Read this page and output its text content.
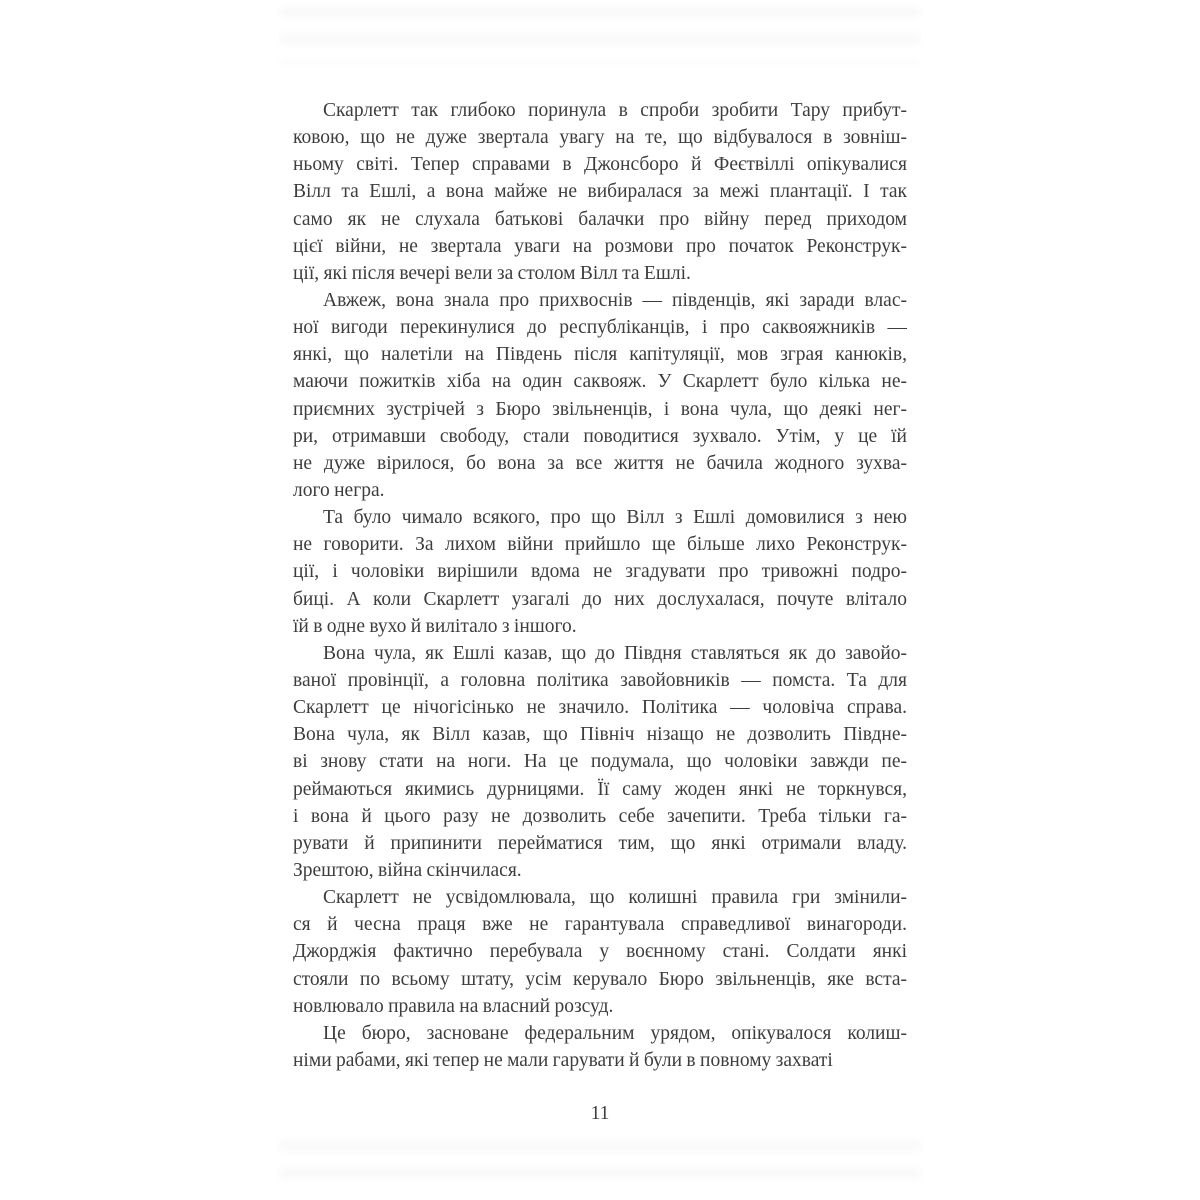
Скарлетт так глибоко поринула в спроби зробити Тару прибут-
ковою, що не дуже звертала увагу на те, що відбувалося в зовніш-
ньому світі. Тепер справами в Джонсборо й Феєтвіллі опікувалися
Вілл та Ешлі, а вона майже не вибиралася за межі плантації. І так
само як не слухала батькові балачки про війну перед приходом
цієї війни, не звертала уваги на розмови про початок Реконструк-
ції, які після вечері вели за столом Вілл та Ешлі.
Авжеж, вона знала про прихвоснів — південців, які заради влас-
ної вигоди перекинулися до республіканців, і про саквояжників —
янкі, що налетіли на Південь після капітуляції, мов зграя канюків,
маючи пожитків хіба на один саквояж. У Скарлетт було кілька не-
приємних зустрічей з Бюро звільненців, і вона чула, що деякі нег-
ри, отримавши свободу, стали поводитися зухвало. Утім, у це їй
не дуже вірилося, бо вона за все життя не бачила жодного зухва-
лого негра.
Та було чимало всякого, про що Вілл з Ешлі домовилися з нею
не говорити. За лихом війни прийшло ще більше лихо Реконструк-
ції, і чоловіки вирішили вдома не згадувати про тривожні подро-
биці. А коли Скарлетт узагалі до них дослухалася, почуте влітало
їй в одне вухо й вилітало з іншого.
Вона чула, як Ешлі казав, що до Півдня ставляться як до завойо-
ваної провінції, а головна політика завойовників — помста. Та для
Скарлетт це нічогісінько не значило. Політика — чоловіча справа.
Вона чула, як Вілл казав, що Північ нізащо не дозволить Півдне-
ві знову стати на ноги. На це подумала, що чоловіки завжди пе-
реймаються якимись дурницями. Її саму жоден янкі не торкнувся,
і вона й цього разу не дозволить себе зачепити. Треба тільки га-
рувати й припинити перейматися тим, що янкі отримали владу.
Зрештою, війна скінчилася.
Скарлетт не усвідомлювала, що колишні правила гри змінили-
ся й чесна праця вже не гарантувала справедливої винагороди.
Джорджія фактично перебувала у воєнному стані. Солдати янкі
стояли по всьому штату, усім керувало Бюро звільненців, яке вста-
новлювало правила на власний розсуд.
Це бюро, засноване федеральним урядом, опікувалося колиш-
німи рабами, які тепер не мали гарувати й були в повному захваті
11
